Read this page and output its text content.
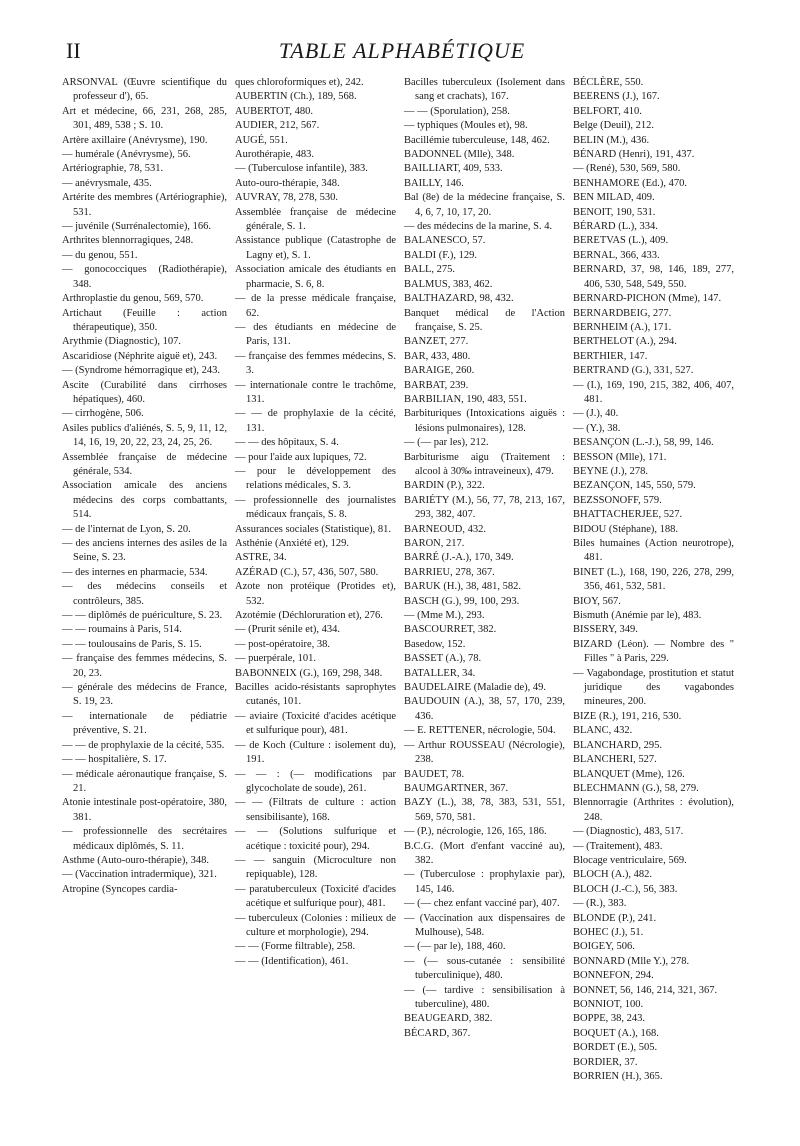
II	TABLE ALPHABÉTIQUE

ARSONVAL (Œuvre scientifique du professeur d'), 65.

Art et médecine, 66, 231, 268, 285, 301, 489, 538 ; S. 10.

Artère axillaire (Anévrysme), 190.

— humérale (Anévrysme), 56.

Artériographie, 78, 531.

— anévrysmale, 435.

Artérite des membres (Artériographie), 531.

— juvénile (Surrénalectomie), 166.

Arthrites blennorragiques, 248.

— du genou, 551.

— gonococciques (Radiothérapie), 348.

Arthroplastie du genou, 569, 570.

Artichaut (Feuille : action thérapeutique), 350.

Arythmie (Diagnostic), 107.

Ascaridiose (Néphrite aiguë et), 243.

— (Syndrome hémorragique et), 243.

Ascite (Curabilité dans cirrhoses hépatiques), 460.

— cirrhogène, 506.

Asiles publics d'aliénés, S. 5, 9, 11, 12, 14, 16, 19, 20, 22, 23, 24, 25, 26.

Assemblée française de médecine générale, 534.

Association amicale des anciens médecins des corps combattants, 514.

— de l'internat de Lyon, S. 20.

— des anciens internes des asiles de la Seine, S. 23.

— des internes en pharmacie, 534.

— des médecins conseils et contrôleurs, 385.

— — diplômés de puériculture, S. 23.

— — roumains à Paris, 514.

— — toulousains de Paris, S. 15.

— française des femmes médecins, S. 20, 23.

— générale des médecins de France, S. 19, 23.

— internationale de pédiatrie préventive, S. 21.

— — de prophylaxie de la cécité, 535.

— — hospitalière, S. 17.

— médicale aéronautique française, S. 21.

Atonie intestinale post-opératoire, 380, 381.

— professionnelle des secrétaires médicaux diplômés, S. 11.

Asthme (Auto-ouro-thérapie), 348.

— (Vaccination intradermique), 321.

Atropine (Syncopes cardia-

ques chloroformiques et), 242.

AUBERTIN (Ch.), 189, 568.

AUBERTOT, 480.

AUDIER, 212, 567.

AUGÉ, 551.

Aurothérapie, 483.

— (Tuberculose infantile), 383.

Auto-ouro-thérapie, 348.

AUVRAY, 78, 278, 530.

Assemblée française de médecine générale, S. 1.

Assistance publique (Catastrophe de Lagny et), S. 1.

Association amicale des étudiants en pharmacie, S. 6, 8.

— de la presse médicale française, 62.

— des étudiants en médecine de Paris, 131.

— française des femmes médecins, S. 3.

— internationale contre le trachôme, 131.

— — de prophylaxie de la cécité, 131.

— — des hôpitaux, S. 4.

— pour l'aide aux lupiques, 72.

— pour le développement des relations médicales, S. 3.

— professionnelle des journalistes médicaux français, S. 8.

Assurances sociales (Statistique), 81.

Asthénie (Anxiété et), 129.

ASTRE, 34.

AZÉRAD (C.), 57, 436, 507, 580.

Azote non protéique (Protides et), 532.

Azotémie (Déchloruration et), 276.

— (Prurit sénile et), 434.

— post-opératoire, 38.

— puerpérale, 101.

BABONNEIX (G.), 169, 298, 348.

Bacilles acido-résistants saprophytes cutanés, 101.

— aviaire (Toxicité d'acides acétique et sulfurique pour), 481.

— de Koch (Culture : isolement du), 191.

— — : (— modifications par glycocholate de soude), 261.

— — (Filtrats de culture : action sensibilisante), 168.

— — (Solutions sulfurique et acétique : toxicité pour), 294.

— — sanguin (Microculture non repiquable), 128.

— paratuberculeux (Toxicité d'acides acétique et sulfurique pour), 481.

— tuberculeux (Colonies : milieux de culture et morphologie), 294.

— — (Forme filtrable), 258.

— — (Identification), 461.

Bacilles tuberculeux (Isolement dans sang et crachats), 167.

— — (Sporulation), 258.

— typhiques (Moules et), 98.

Bacillémie tuberculeuse, 148, 462.

BADONNEL (Mlle), 348.

BAILLIART, 409, 533.

BAILLY, 146.

Bal (8e) de la médecine française, S. 4, 6, 7, 10, 17, 20.

— des médecins de la marine, S. 4.

BALANESCO, 57.

BALDI (F.), 129.

BALL, 275.

BALMUS, 383, 462.

BALTHAZARD, 98, 432.

Banquet médical de l'Action française, S. 25.

BANZET, 277.

BAR, 433, 480.

BARAIGE, 260.

BARBAT, 239.

BARBILIAN, 190, 483, 551.

Barbituriques (Intoxications aiguës : lésions pulmonaires), 128.

— (— par les), 212.

Barbiturisme aigu (Traitement : alcool à 30‰ intraveineux), 479.

BARDIN (P.), 322.

BARIÉTY (M.), 56, 77, 78, 213, 167, 293, 382, 407.

BARNEOUD, 432.

BARON, 217.

BARRÉ (J.-A.), 170, 349.

BARRIEU, 278, 367.

BARUK (H.), 38, 481, 582.

BASCH (G.), 99, 100, 293.

— (Mme M.), 293.

BASCOURRET, 382.

Basedow, 152.

BASSET (A.), 78.

BATALLER, 34.

BAUDELAIRE (Maladie de), 49.

BAUDOUIN (A.), 38, 57, 170, 239, 436.

— E. RETTENER, nécrologie, 504.

— Arthur ROUSSEAU (Nécrologie), 238.

BAUDET, 78.

BAUMGARTNER, 367.

BAZY (L.), 38, 78, 383, 531, 551, 569, 570, 581.

— (P.), nécrologie, 126, 165, 186.

B.C.G. (Mort d'enfant vacciné au), 382.

— (Tuberculose : prophylaxie par), 145, 146.

— (— chez enfant vacciné par), 407.

— (Vaccination aux dispensaires de Mulhouse), 548.

— (— par le), 188, 460.

— (— sous-cutanée : sensibilité tuberculinique), 480.

— (— tardive : sensibilisation à tuberculine), 480.

BEAUGEARD, 382.

BÉCARD, 367.

BÉCLÈRE, 550.

BEERENS (J.), 167.

BELFORT, 410.

Belge (Deuil), 212.

BELIN (M.), 436.

BÉNARD (Henri), 191, 437.

— (René), 530, 569, 580.

BENHAMORE (Ed.), 470.

BEN MILAD, 409.

BENOIT, 190, 531.

BÉRARD (L.), 334.

BERETVAS (L.), 409.

BERNAL, 366, 433.

BERNARD, 37, 98, 146, 189, 277, 406, 530, 548, 549, 550.

BERNARD-PICHON (Mme), 147.

BERNARDBEIG, 277.

BERNHEIM (A.), 171.

BERTHELOT (A.), 294.

BERTHIER, 147.

BERTRAND (G.), 331, 527.

— (I.), 169, 190, 215, 382, 406, 407, 481.

— (J.), 40.

— (Y.), 38.

BESANÇON (L.-J.), 58, 99, 146.

BESSON (Mlle), 171.

BEYNE (J.), 278.

BEZANÇON, 145, 550, 579.

BEZSSONOFF, 579.

BHATTACHERJEE, 527.

BIDOU (Stéphane), 188.

Biles humaines (Action neurotrope), 481.

BINET (L.), 168, 190, 226, 278, 299, 356, 461, 532, 581.

BIOY, 567.

Bismuth (Anémie par le), 483.

BISSERY, 349.

BIZARD (Léon). — Nombre des " Filles " à Paris, 229.

— Vagabondage, prostitution et statut juridique des vagabondes mineures, 200.

BIZE (R.), 191, 216, 530.

BLANC, 432.

BLANCHARD, 295.

BLANCHERI, 527.

BLANQUET (Mme), 126.

BLECHMANN (G.), 58, 279.

Blennorragie (Arthrites : évolution), 248.

— (Diagnostic), 483, 517.

— (Traitement), 483.

Blocage ventriculaire, 569.

BLOCH (A.), 482.

BLOCH (J.-C.), 56, 383.

— (R.), 383.

BLONDE (P.), 241.

BOHEC (J.), 51.

BOIGEY, 506.

BONNARD (Mlle Y.), 278.

BONNEFON, 294.

BONNET, 56, 146, 214, 321, 367.

BONNIOT, 100.

BOPPE, 38, 243.

BOQUET (A.), 168.

BORDET (E.), 505.

BORDIER, 37.

BORRIEN (H.), 365.
